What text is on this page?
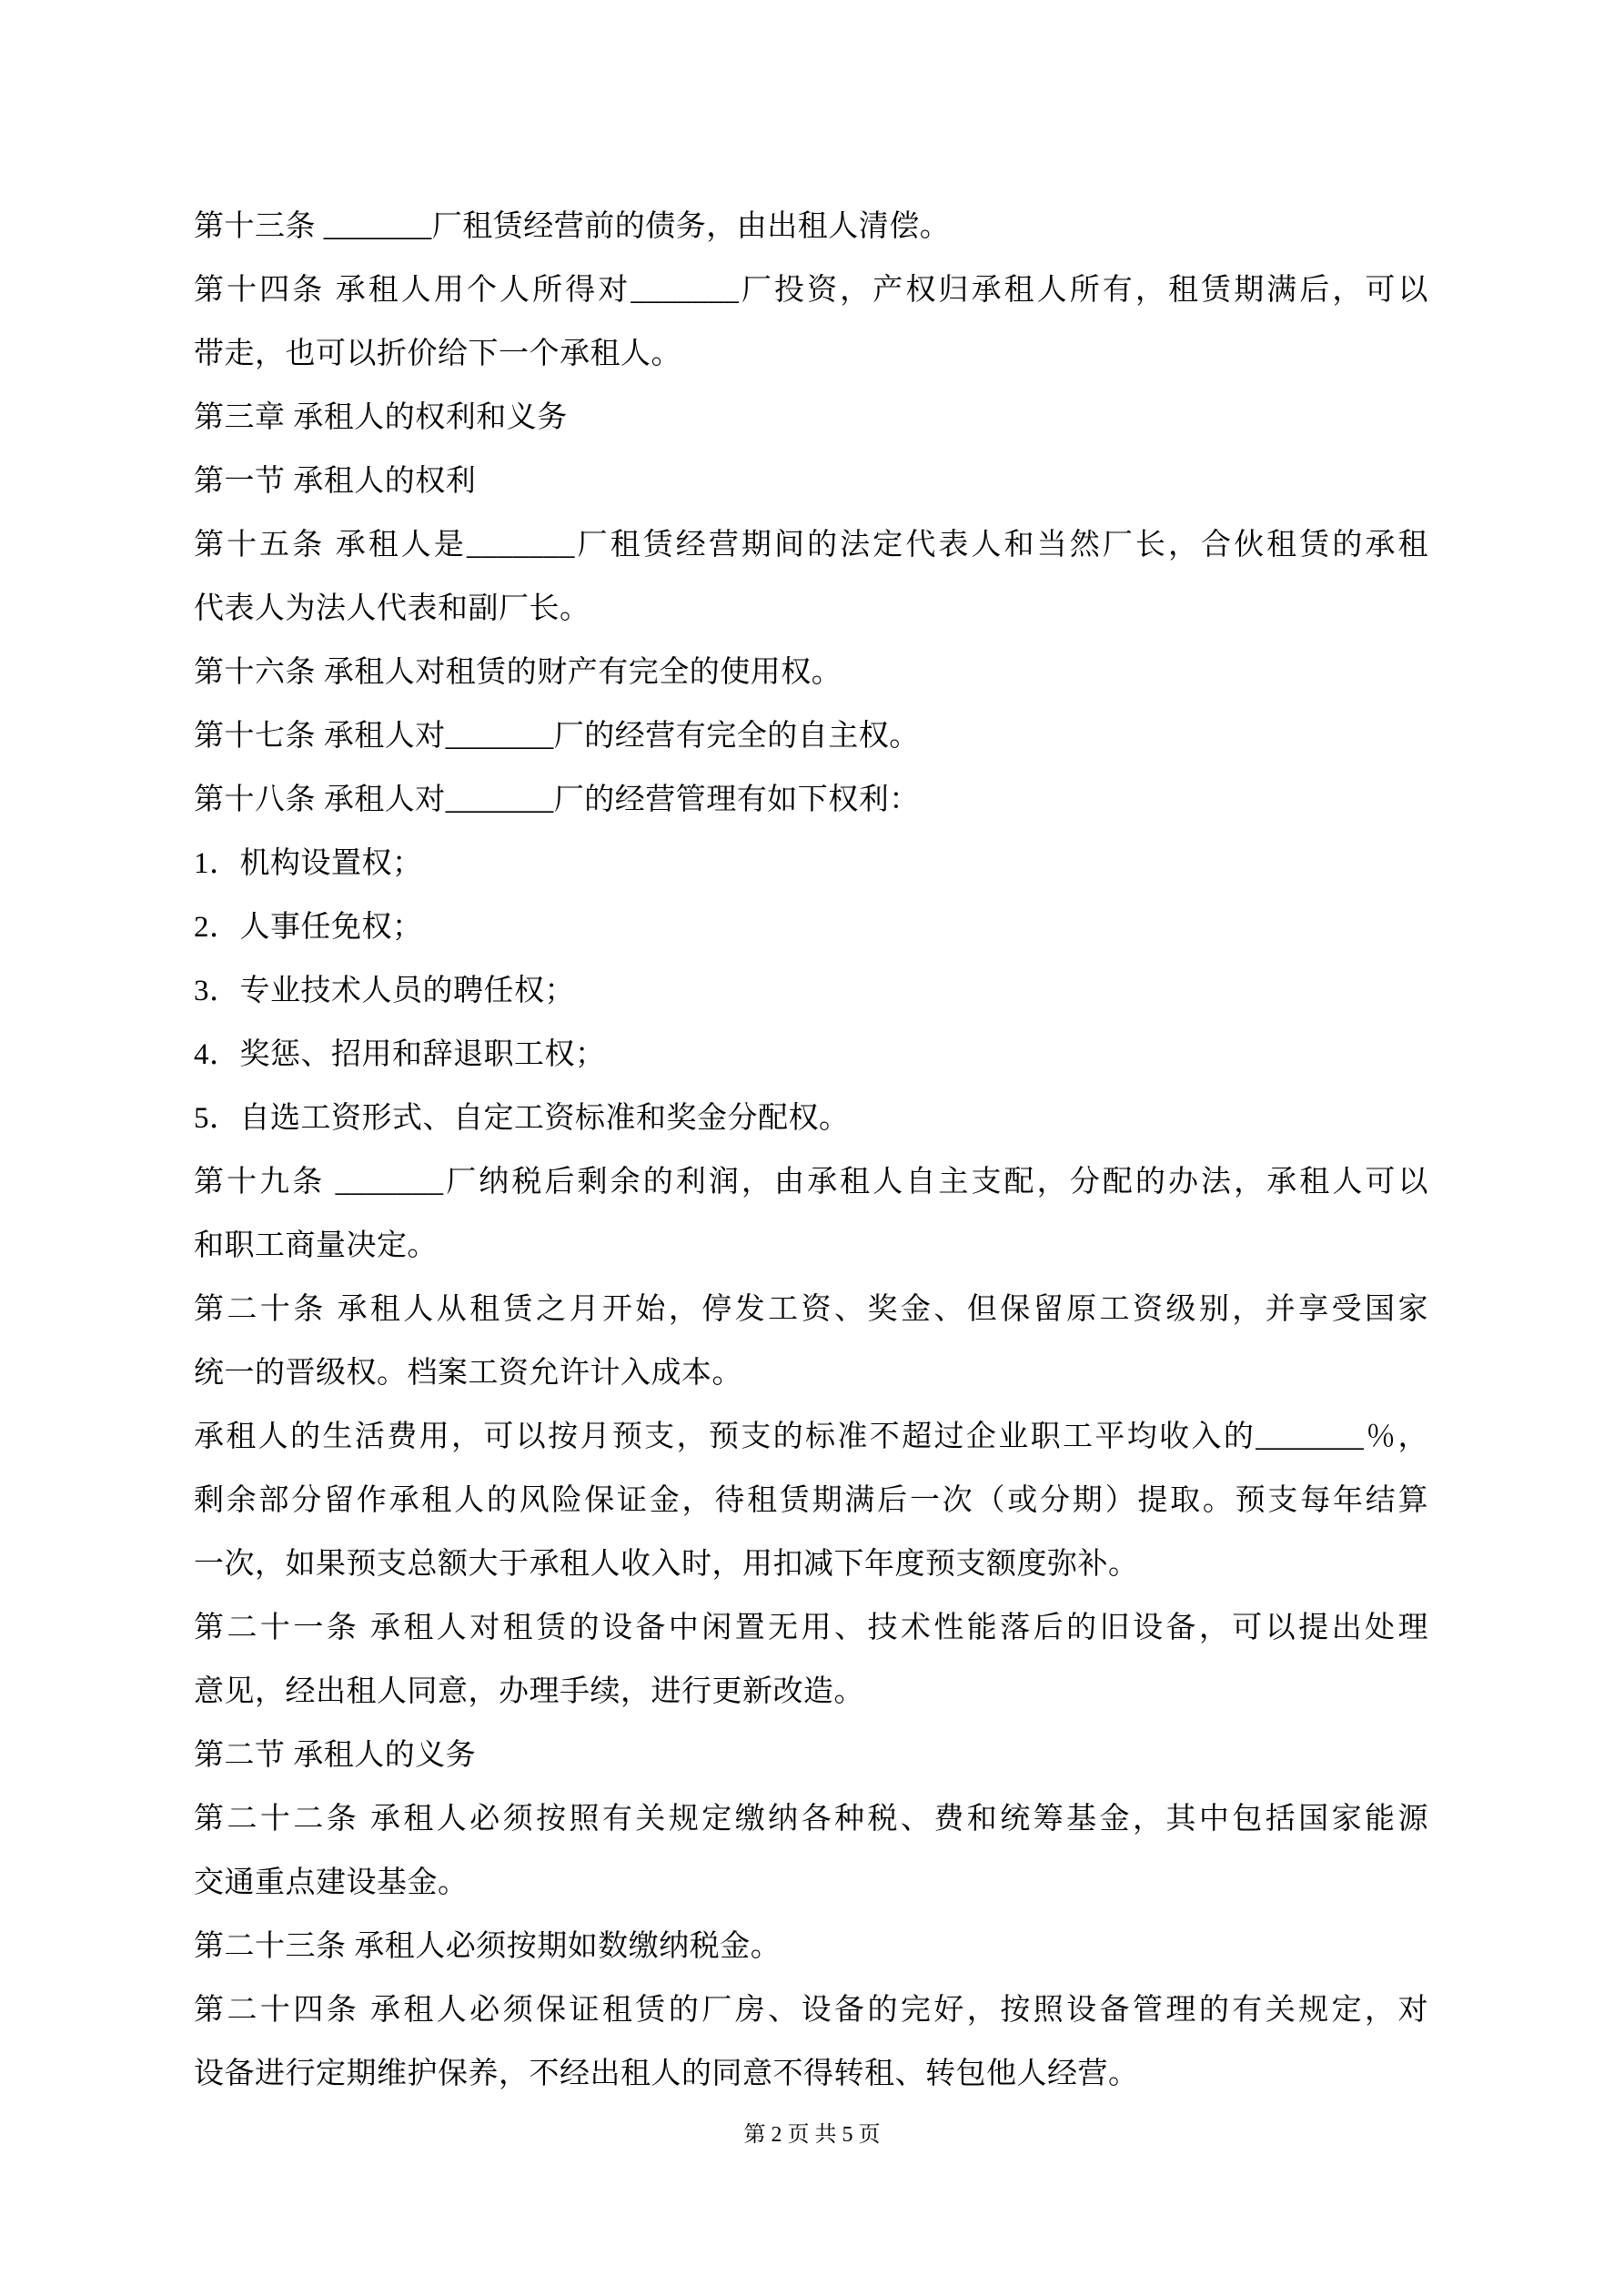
第十三条 _______厂租赁经营前的债务，由出租人清偿。
第十四条 承租人用个人所得对_______厂投资，产权归承租人所有，租赁期满后，可以
带走，也可以折价给下一个承租人。
第三章 承租人的权利和义务
第一节 承租人的权利
第十五条 承租人是_______厂租赁经营期间的法定代表人和当然厂长，合伙租赁的承租
代表人为法人代表和副厂长。
第十六条 承租人对租赁的财产有完全的使用权。
第十七条 承租人对_______厂的经营有完全的自主权。
第十八条 承租人对_______厂的经营管理有如下权利：
1．机构设置权；
2．人事任免权；
3．专业技术人员的聘任权；
4．奖惩、招用和辞退职工权；
5．自选工资形式、自定工资标准和奖金分配权。
第十九条 _______厂纳税后剩余的利润，由承租人自主支配，分配的办法，承租人可以
和职工商量决定。
第二十条 承租人从租赁之月开始，停发工资、奖金、但保留原工资级别，并享受国家
统一的晋级权。档案工资允许计入成本。
承租人的生活费用，可以按月预支，预支的标准不超过企业职工平均收入的_______％，
剩余部分留作承租人的风险保证金，待租赁期满后一次（或分期）提取。预支每年结算
一次，如果预支总额大于承租人收入时，用扣减下年度预支额度弥补。
第二十一条 承租人对租赁的设备中闲置无用、技术性能落后的旧设备，可以提出处理
意见，经出租人同意，办理手续，进行更新改造。
第二节 承租人的义务
第二十二条 承租人必须按照有关规定缴纳各种税、费和统筹基金，其中包括国家能源
交通重点建设基金。
第二十三条 承租人必须按期如数缴纳税金。
第二十四条 承租人必须保证租赁的厂房、设备的完好，按照设备管理的有关规定，对
设备进行定期维护保养，不经出租人的同意不得转租、转包他人经营。
第 2 页 共 5 页
